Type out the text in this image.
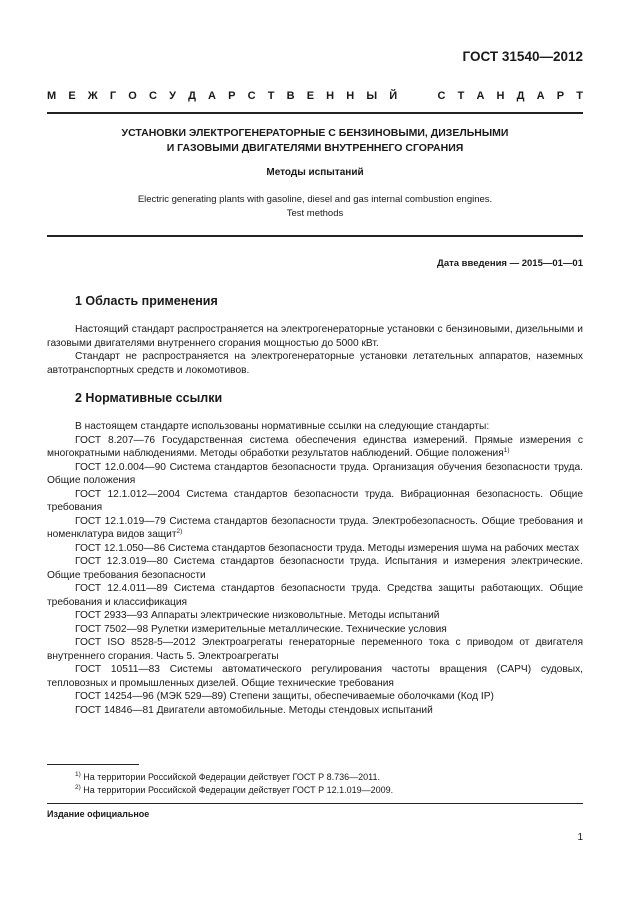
ГОСТ 31540—2012
М Е Ж Г О С У Д А Р С Т В Е Н Н Ы Й	С Т А Н Д А Р Т
УСТАНОВКИ ЭЛЕКТРОГЕНЕРАТОРНЫЕ С БЕНЗИНОВЫМИ, ДИЗЕЛЬНЫМИ
И ГАЗОВЫМИ ДВИГАТЕЛЯМИ ВНУТРЕННЕГО СГОРАНИЯ
Методы испытаний
Electric generating plants with gasoline, diesel and gas internal combustion engines.
Test methods
Дата введения — 2015—01—01
1 Область применения

Настоящий стандарт распространяется на электрогенераторные установки с бензиновыми, дизельными и газовыми двигателями внутреннего сгорания мощностью до 5000 кВт.

Стандарт не распространяется на электрогенераторные установки летательных аппаратов, наземных автотранспортных средств и локомотивов.

2 Нормативные ссылки

В настоящем стандарте использованы нормативные ссылки на следующие стандарты:

ГОСТ 8.207—76 Государственная система обеспечения единства измерений. Прямые измерения с многократными наблюдениями. Методы обработки результатов наблюдений. Общие положения$^{1)}$

ГОСТ 12.0.004—90 Система стандартов безопасности труда. Организация обучения безопасности труда. Общие положения

ГОСТ 12.1.012—2004 Система стандартов безопасности труда. Вибрационная безопасность. Общие требования

ГОСТ 12.1.019—79 Система стандартов безопасности труда. Электробезопасность. Общие требования и номенклатура видов защит$^{2)}$

ГОСТ 12.1.050—86 Система стандартов безопасности труда. Методы измерения шума на рабочих местах

ГОСТ 12.3.019—80 Система стандартов безопасности труда. Испытания и измерения электрические. Общие требования безопасности

ГОСТ 12.4.011—89 Система стандартов безопасности труда. Средства защиты работающих. Общие требования и классификация

ГОСТ 2933—93 Аппараты электрические низковольтные. Методы испытаний

ГОСТ 7502—98 Рулетки измерительные металлические. Технические условия

ГОСТ ISO 8528-5—2012 Электроагрегаты генераторные переменного тока с приводом от двигателя внутреннего сгорания. Часть 5. Электроагрегаты

ГОСТ 10511—83 Системы автоматического регулирования частоты вращения (САРЧ) судовых, тепловозных и промышленных дизелей. Общие технические требования

ГОСТ 14254—96 (МЭК 529—89) Степени защиты, обеспечиваемые оболочками (Код IP)

ГОСТ 14846—81 Двигатели автомобильные. Методы стендовых испытаний

$^{1)}$ На территории Российской Федерации действует ГОСТ Р 8.736—2011.
$^{2)}$ На территории Российской Федерации действует ГОСТ Р 12.1.019—2009.
Издание официальное
1
